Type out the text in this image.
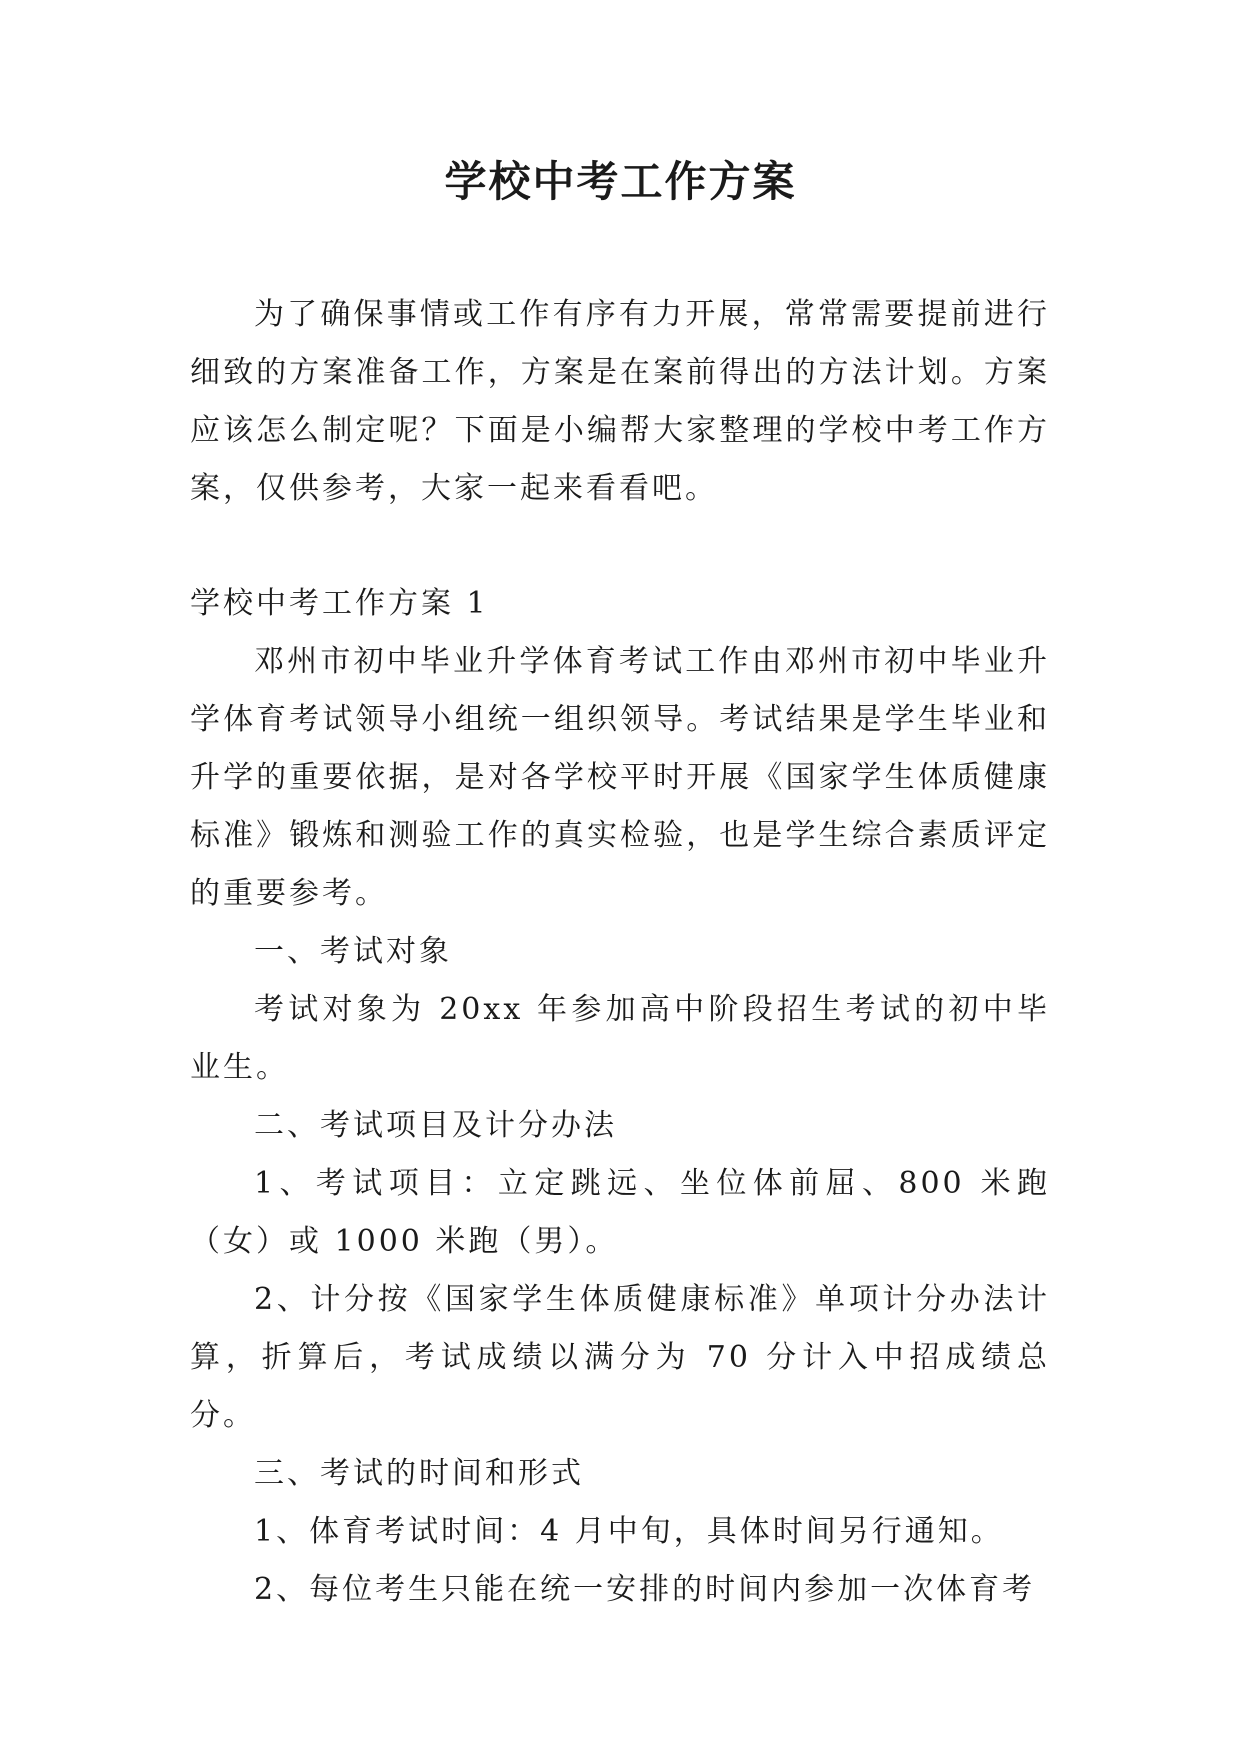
学校中考工作方案

为了确保事情或工作有序有力开展，常常需要提前进行细致的方案准备工作，方案是在案前得出的方法计划。方案应该怎么制定呢？下面是小编帮大家整理的学校中考工作方案，仅供参考，大家一起来看看吧。

学校中考工作方案 1

邓州市初中毕业升学体育考试工作由邓州市初中毕业升学体育考试领导小组统一组织领导。考试结果是学生毕业和升学的重要依据，是对各学校平时开展《国家学生体质健康标准》锻炼和测验工作的真实检验，也是学生综合素质评定的重要参考。

一、考试对象

考试对象为 20xx 年参加高中阶段招生考试的初中毕业生。

二、考试项目及计分办法

1、考试项目：立定跳远、坐位体前屈、800 米跑（女）或 1000 米跑（男）。

2、计分按《国家学生体质健康标准》单项计分办法计算，折算后，考试成绩以满分为 70 分计入中招成绩总分。

三、考试的时间和形式

1、体育考试时间：4 月中旬，具体时间另行通知。

2、每位考生只能在统一安排的时间内参加一次体育考
